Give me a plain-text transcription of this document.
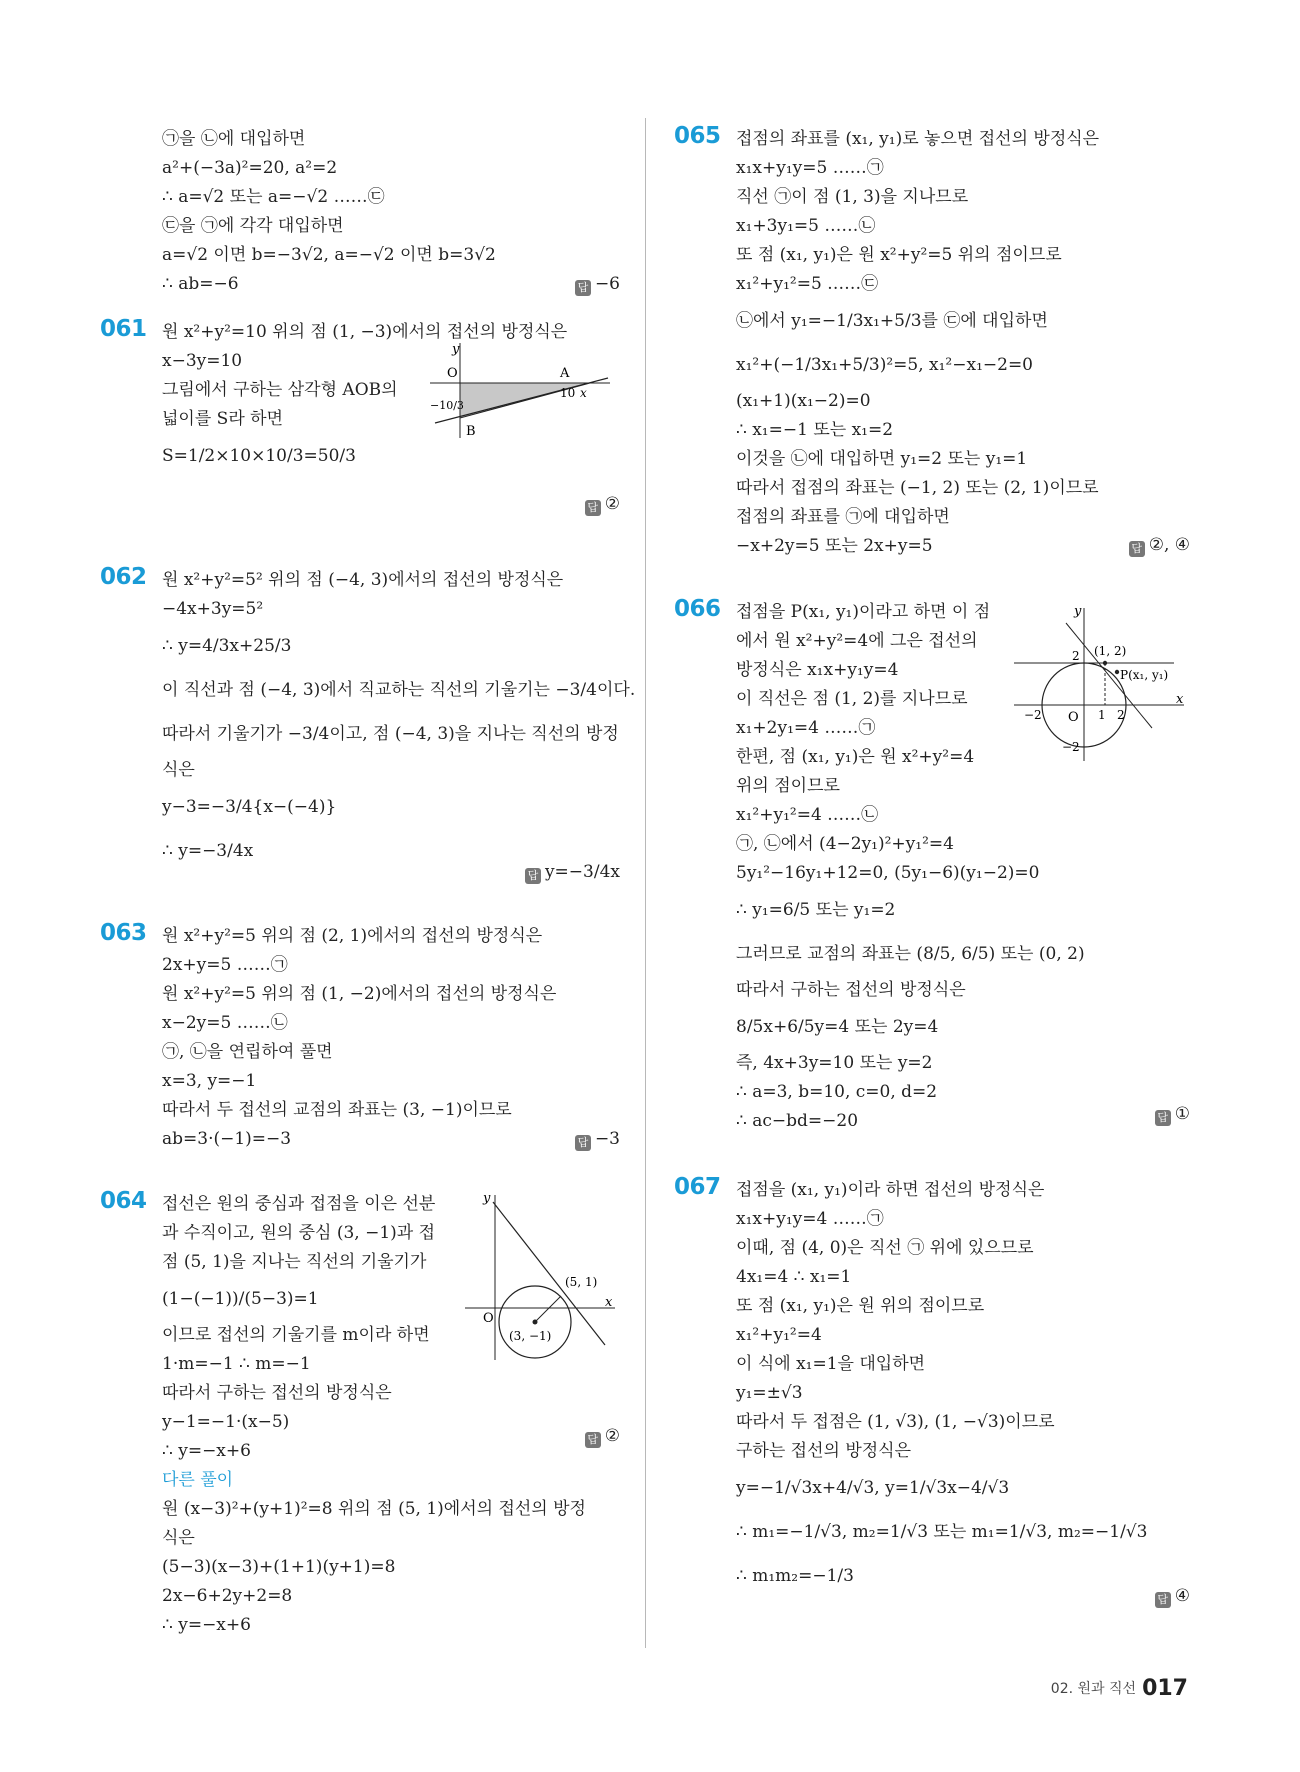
㉠을 ㉡에 대입하면
a²+(−3a)²=20, a²=2
∴ a=√2 또는 a=−√2 ……㉢
㉢을 ㉠에 각각 대입하면
a=√2 이면 b=−3√2, a=−√2 이면 b=3√2
∴ ab=−6	답 −6
061 원 x²+y²=10 위의 점 (1, −3)에서의 접선의 방정식은
x−3y=10
그림에서 구하는 삼각형 AOB의
넓이를 S라 하면
S=1/2×10×10/3=50/3
y
O	A
10 x
B
−10/3
답 ②
062 원 x²+y²=5² 위의 점 (−4, 3)에서의 접선의 방정식은
−4x+3y=5²
∴ y=4/3x+25/3
이 직선과 점 (−4, 3)에서 직교하는 직선의 기울기는 −3/4이다.
따라서 기울기가 −3/4이고, 점 (−4, 3)을 지나는 직선의 방정
식은
y−3=−3/4{x−(−4)}
∴ y=−3/4x
답 y=−3/4x
063 원 x²+y²=5 위의 점 (2, 1)에서의 접선의 방정식은
2x+y=5 ……㉠
원 x²+y²=5 위의 점 (1, −2)에서의 접선의 방정식은
x−2y=5 ……㉡
㉠, ㉡을 연립하여 풀면
x=3, y=−1
따라서 두 접선의 교점의 좌표는 (3, −1)이므로
ab=3·(−1)=−3	답 −3
064 접선은 원의 중심과 접점을 이은 선분
과 수직이고, 원의 중심 (3, −1)과 접
점 (5, 1)을 지나는 직선의 기울기가
(1−(−1))/(5−3)=1
이므로 접선의 기울기를 m이라 하면
1·m=−1 ∴ m=−1
따라서 구하는 접선의 방정식은
y−1=−1·(x−5)
∴ y=−x+6
다른 풀이
원 (x−3)²+(y+1)²=8 위의 점 (5, 1)에서의 접선의 방정
식은
(5−3)(x−3)+(1+1)(y+1)=8
2x−6+2y+2=8
∴ y=−x+6
y
O
x
(5, 1)
(3, −1)
답 ②
065 접점의 좌표를 (x₁, y₁)로 놓으면 접선의 방정식은
x₁x+y₁y=5 ……㉠
직선 ㉠이 점 (1, 3)을 지나므로
x₁+3y₁=5 ……㉡
또 점 (x₁, y₁)은 원 x²+y²=5 위의 점이므로
x₁²+y₁²=5 ……㉢
㉡에서 y₁=−1/3x₁+5/3를 ㉢에 대입하면
x₁²+(−1/3x₁+5/3)²=5, x₁²−x₁−2=0
(x₁+1)(x₁−2)=0
∴ x₁=−1 또는 x₁=2
이것을 ㉡에 대입하면 y₁=2 또는 y₁=1
따라서 접점의 좌표는 (−1, 2) 또는 (2, 1)이므로
접점의 좌표를 ㉠에 대입하면
−x+2y=5 또는 2x+y=5	답 ②, ④
066 접점을 P(x₁, y₁)이라고 하면 이 점
에서 원 x²+y²=4에 그은 접선의
방정식은 x₁x+y₁y=4
이 직선은 점 (1, 2)를 지나므로
x₁+2y₁=4 ……㉠
한편, 점 (x₁, y₁)은 원 x²+y²=4
위의 점이므로
x₁²+y₁²=4 ……㉡
㉠, ㉡에서 (4−2y₁)²+y₁²=4
5y₁²−16y₁+12=0, (5y₁−6)(y₁−2)=0
∴ y₁=6/5 또는 y₁=2
그러므로 교점의 좌표는 (8/5, 6/5) 또는 (0, 2)
따라서 구하는 접선의 방정식은
8/5x+6/5y=4 또는 2y=4
즉, 4x+3y=10 또는 y=2
∴ a=3, b=10, c=0, d=2
∴ ac−bd=−20
y
x
O
(1, 2)
P(x₁, y₁)
2
−2
1 2
−2
답 ①
067 접점을 (x₁, y₁)이라 하면 접선의 방정식은
x₁x+y₁y=4 ……㉠
이때, 점 (4, 0)은 직선 ㉠ 위에 있으므로
4x₁=4 ∴ x₁=1
또 점 (x₁, y₁)은 원 위의 점이므로
x₁²+y₁²=4
이 식에 x₁=1을 대입하면
y₁=±√3
따라서 두 접점은 (1, √3), (1, −√3)이므로
구하는 접선의 방정식은
y=−1/√3x+4/√3, y=1/√3x−4/√3
∴ m₁=−1/√3, m₂=1/√3 또는 m₁=1/√3, m₂=−1/√3
∴ m₁m₂=−1/3
답 ④
02. 원과 직선 017
